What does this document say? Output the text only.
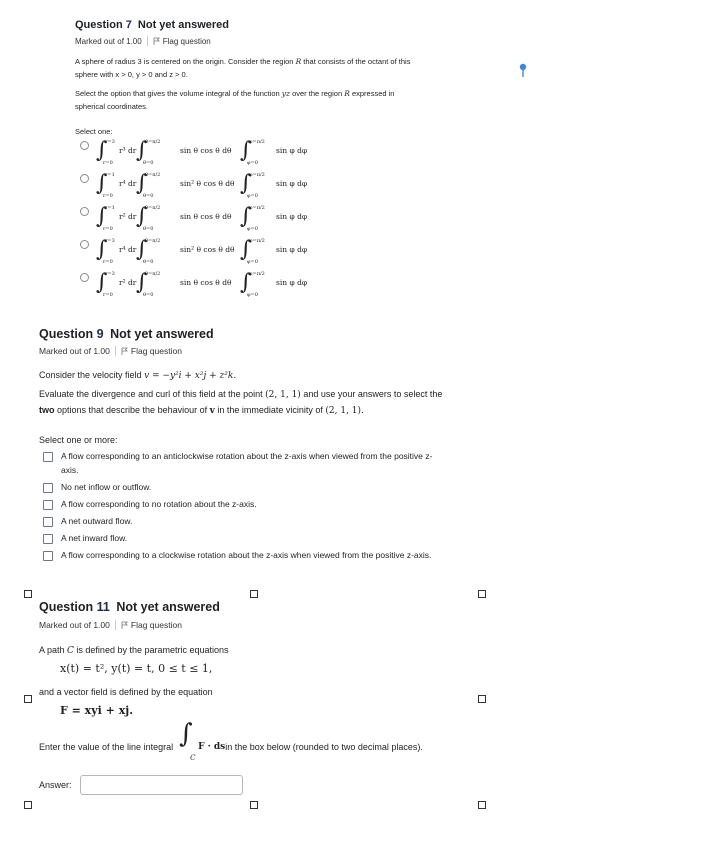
Question 7 Not yet answered
Marked out of 1.00	Flag question
A sphere of radius 3 is centered on the origin. Consider the region R that consists of the octant of this
sphere with x > 0, y > 0 and z > 0.
Select the option that gives the volume integral of the function yz over the region R expressed in
spherical coordinates.
Select one:
∫
r=3
r=0
r³ dr ∫
θ=π/2
θ=0
sin θ cos θ dθ ∫
φ=π/2
φ=0
sin φ dφ
∫
r=1
r=0
r⁴ dr ∫
θ=π/2
θ=0
sin² θ cos θ dθ ∫
φ=π/2
φ=0
sin φ dφ
∫
r=1
r=0
r² dr ∫
θ=π/2
θ=0
sin θ cos θ dθ ∫
φ=π/2
φ=0
sin φ dφ
∫
r=3
r=0
r⁴ dr ∫
θ=π/2
θ=0
sin² θ cos θ dθ ∫
φ=π/2
φ=0
sin φ dφ
∫
r=3
r=0
r² dr ∫
θ=π/2
θ=0
sin θ cos θ dθ ∫
φ=π/2
φ=0
sin φ dφ
Question 9 Not yet answered
Marked out of 1.00 Flag question
Consider the velocity field v = −y²i + x²j + z²k.
Evaluate the divergence and curl of this field at the point (2, 1, 1) and use your answers to select the
two options that describe the behaviour of v in the immediate vicinity of (2, 1, 1).
Select one or more:
A flow corresponding to an anticlockwise rotation about the z-axis when viewed from the positive z-
axis.
No net inflow or outflow.
A flow corresponding to no rotation about the z-axis.
A net outward flow.
A net inward flow.
A flow corresponding to a clockwise rotation about the z-axis when viewed from the positive z-axis.
Question 11 Not yet answered
Marked out of 1.00 Flag question
A path C is defined by the parametric equations
x(t) = t², y(t) = t, 0 ≤ t ≤ 1,
and a vector field is defined by the equation
F = xyi + xj.
Enter the value of the line integral ∫
C
F · ds in the box below (rounded to two decimal places).
Answer:
